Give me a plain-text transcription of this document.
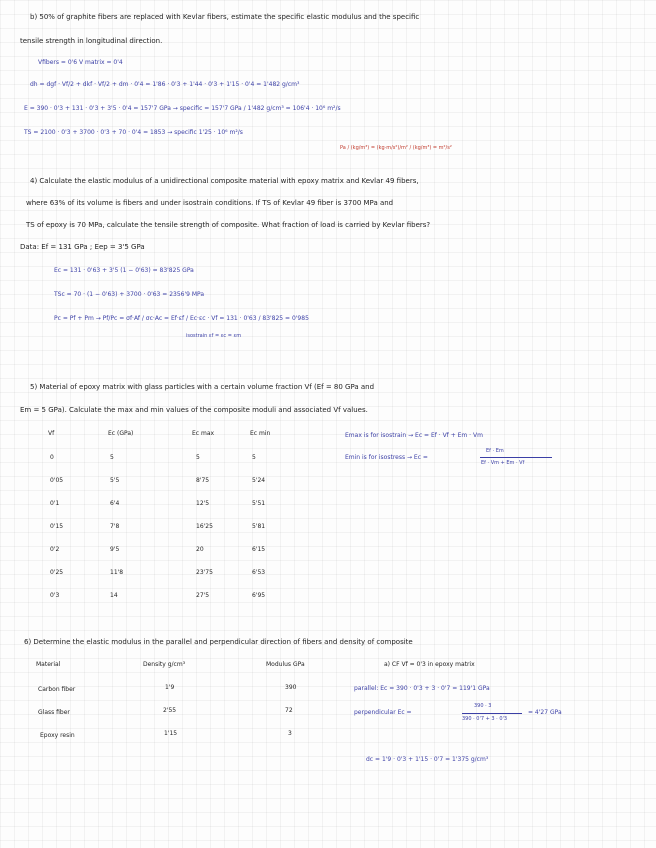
b) 50% of graphite fibers are replaced with Kevlar fibers, estimate the specific elastic modulus and the specific
tensile strength in longitudinal direction.
Vfibers = 0'6 V matrix = 0'4
dh = dgf · Vf/2 + dkf · Vf/2 + dm · 0'4 = 1'86 · 0'3 + 1'44 · 0'3 + 1'15 · 0'4 = 1'482 g/cm³
E = 390 · 0'3 + 131 · 0'3 + 3'5 · 0'4 = 157'7 GPa → specific = 157'7 GPa / 1'482 g/cm³ = 106'4 · 10⁶ m²/s
TS = 2100 · 0'3 + 3700 · 0'3 + 70 · 0'4 = 1853 → specific 1'25 · 10⁶ m²/s
Pa / (kg/m³) = (kg·m/s²)/m² / (kg/m³) = m²/s²
4) Calculate the elastic modulus of a unidirectional composite material with epoxy matrix and Kevlar 49 fibers,
where 63% of its volume is fibers and under isostrain conditions. If TS of Kevlar 49 fiber is 3700 MPa and
TS of epoxy is 70 MPa, calculate the tensile strength of composite. What fraction of load is carried by Kevlar fibers?
Data: Ef = 131 GPa ; Eep = 3'5 GPa
Ec = 131 · 0'63 + 3'5 (1 − 0'63) = 83'825 GPa
TSc = 70 · (1 − 0'63) + 3700 · 0'63 = 2356'9 MPa
Pc = Pf + Pm → Pf/Pc = σf·Af / σc·Ac = Ef·εf / Ec·εc · Vf = 131 · 0'63 / 83'825 = 0'985
isostrain εf = εc = εm
5) Material of epoxy matrix with glass particles with a certain volume fraction Vf (Ef = 80 GPa and
Em = 5 GPa). Calculate the max and min values of the composite moduli and associated Vf values.
Vf	Ec (GPa)	Ec max	Ec min
0	5	5	5
0'05	5'5	8'75	5'24
0'1	6'4	12'5	5'51
0'15	7'8	16'25	5'81
0'2	9'5	20	6'15
0'25	11'8	23'75	6'53
0'3	14	27'5	6'95
Emax is for isostrain → Ec = Ef · Vf + Em · Vm
Emin is for isostress → Ec =
Ef · Em
Ef · Vm + Em · Vf
6) Determine the elastic modulus in the parallel and perpendicular direction of fibers and density of composite
Material	Density g/cm³	Modulus GPa
Carbon fiber	1'9	390
Glass fiber	2'55	72
Epoxy resin	1'15	3
a) CF Vf = 0'3 in epoxy matrix
parallel: Ec = 390 · 0'3 + 3 · 0'7 = 119'1 GPa
perpendicular Ec =
390 · 3
390 · 0'7 + 3 · 0'3
= 4'27 GPa
dc = 1'9 · 0'3 + 1'15 · 0'7 = 1'375 g/cm³
